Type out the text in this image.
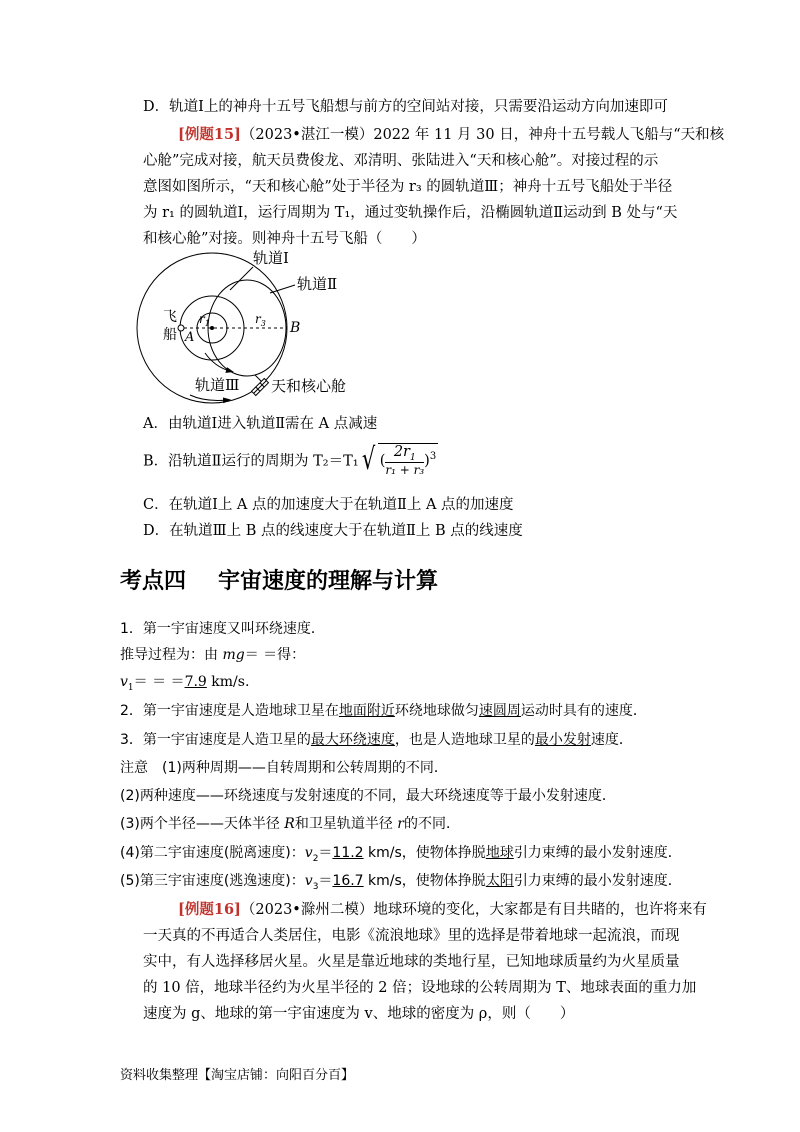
D．轨道Ⅰ上的神舟十五号飞船想与前方的空间站对接，只需要沿运动方向加速即可
[例题15]（2023•湛江一模）2022 年 11 月 30 日，神舟十五号载人飞船与“天和核
心舱”完成对接，航天员费俊龙、邓清明、张陆进入“天和核心舱”。对接过程的示
意图如图所示，“天和核心舱”处于半径为 r₃ 的圆轨道Ⅲ；神舟十五号飞船处于半径
为 r₁ 的圆轨道Ⅰ，运行周期为 T₁，通过变轨操作后，沿椭圆轨道Ⅱ运动到 B 处与“天
和核心舱”对接。则神舟十五号飞船（　　）
轨道Ⅰ
轨道Ⅱ
飞
船 A
B
$r_1$	$r_3$
轨道Ⅲ 天和核心舱
A．由轨道Ⅰ进入轨道Ⅱ需在 A 点减速
B．沿轨道Ⅱ运行的周期为 T₂＝T₁√ ( $\frac{2r_1}{\text{r₁ + r₃}} )^3$
C．在轨道Ⅰ上 A 点的加速度大于在轨道Ⅱ上 A 点的加速度
D．在轨道Ⅲ上 B 点的线速度大于在轨道Ⅱ上 B 点的线速度
考点四 宇宙速度的理解与计算
1．第一宇宙速度又叫环绕速度．
推导过程为：由 mg＝ ＝得：
$v_1= = =7.9$ km/s.
2．第一宇宙速度是人造地球卫星在地面附近环绕地球做匀速圆周运动时具有的速度．
3．第一宇宙速度是人造卫星的最大环绕速度，也是人造地球卫星的最小发射速度．
注意　(1)两种周期——自转周期和公转周期的不同．
(2)两种速度——环绕速度与发射速度的不同，最大环绕速度等于最小发射速度．
(3)两个半径——天体半径 R和卫星轨道半径 r的不同．
(4)第二宇宙速度(脱离速度)：$v_2=11.2$ km/s，使物体挣脱地球引力束缚的最小发射速度．
(5)第三宇宙速度(逃逸速度)：$v_3=16.7$ km/s，使物体挣脱太阳引力束缚的最小发射速度．
[例题16]（2023•滁州二模）地球环境的变化，大家都是有目共睹的，也许将来有
一天真的不再适合人类居住，电影《流浪地球》里的选择是带着地球一起流浪，而现
实中，有人选择移居火星。火星是靠近地球的类地行星，已知地球质量约为火星质量
的 10 倍，地球半径约为火星半径的 2 倍；设地球的公转周期为 T、地球表面的重力加
速度为 g、地球的第一宇宙速度为 v、地球的密度为 ρ，则（　　）
资料收集整理【淘宝店铺：向阳百分百】
